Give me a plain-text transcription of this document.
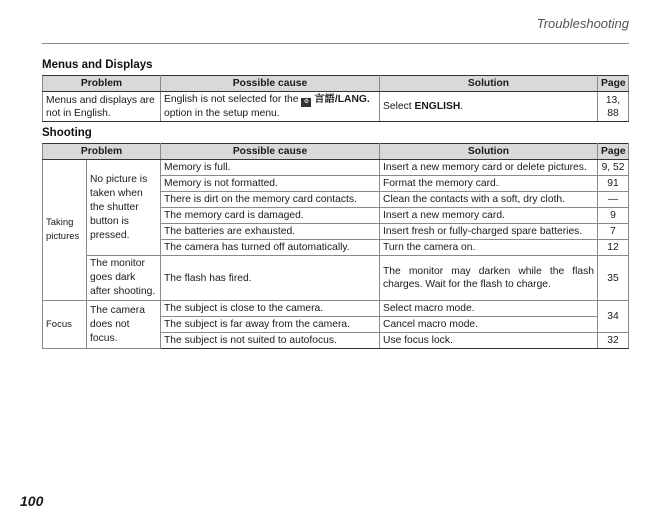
Troubleshooting
Menus and Displays
Problem	Possible cause	Solution	Page
Menus and displays are not in English.	English is not selected for the ⚙ 言語/LANG. option in the setup menu.	Select ENGLISH.	13, 88
Shooting
Problem		Possible cause	Solution	Page
Taking pictures	No picture is taken when the shutter button is pressed.	Memory is full.	Insert a new memory card or delete pictures.	9, 52
		Memory is not formatted.	Format the memory card.	91
		There is dirt on the memory card contacts.	Clean the contacts with a soft, dry cloth.	—
		The memory card is damaged.	Insert a new memory card.	9
		The batteries are exhausted.	Insert fresh or fully-charged spare batteries.	7
		The camera has turned off automatically.	Turn the camera on.	12
	The monitor goes dark after shooting.	The flash has fired.	The monitor may darken while the flash charges. Wait for the flash to charge.	35
Focus	The camera does not focus.	The subject is close to the camera.	Select macro mode.	34
		The subject is far away from the camera.	Cancel macro mode.	
		The subject is not suited to autofocus.	Use focus lock.	32
100
